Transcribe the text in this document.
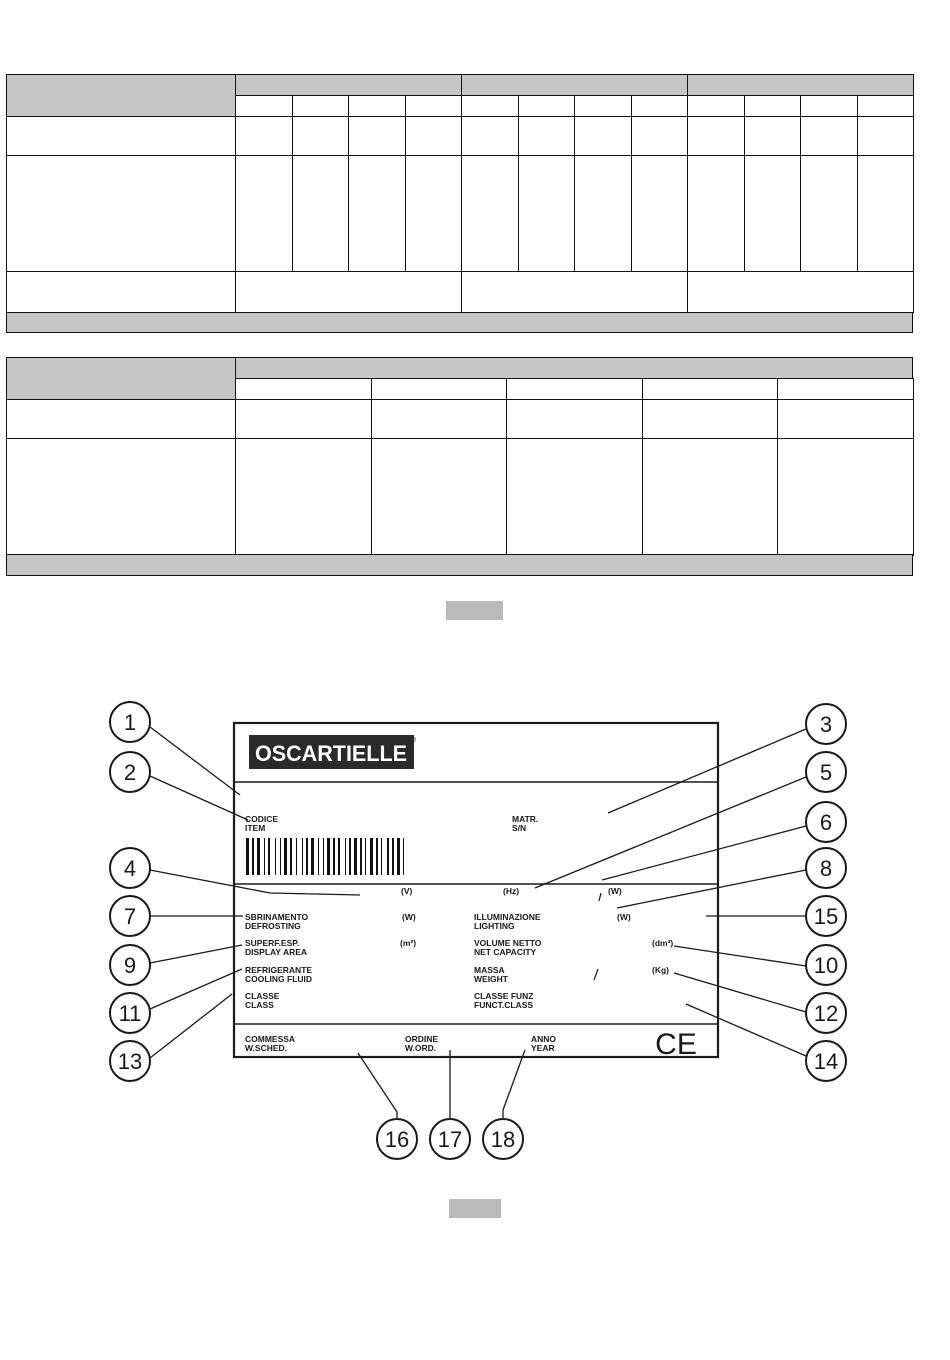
OSCARTIELLE
®
CODICE
ITEM
MATR.
S/N
(V)	(Hz)	(W)
SBRINAMENTO
DEFROSTING
(W)	ILLUMINAZIONE
LIGHTING
(W)
SUPERF.ESP.
DISPLAY AREA
(m²)	VOLUME NETTO
NET CAPACITY
(dm³)
REFRIGERANTE
COOLING FLUID
MASSA
WEIGHT
(Kg)
CLASSE
CLASS
CLASSE FUNZ
FUNCT.CLASS
COMMESSA
W.SCHED.
ORDINE
W.ORD.
ANNO
YEAR	CE
1
2
3
4
5
6
7
8
9	10
11	12
13	14
15
16 17 18
